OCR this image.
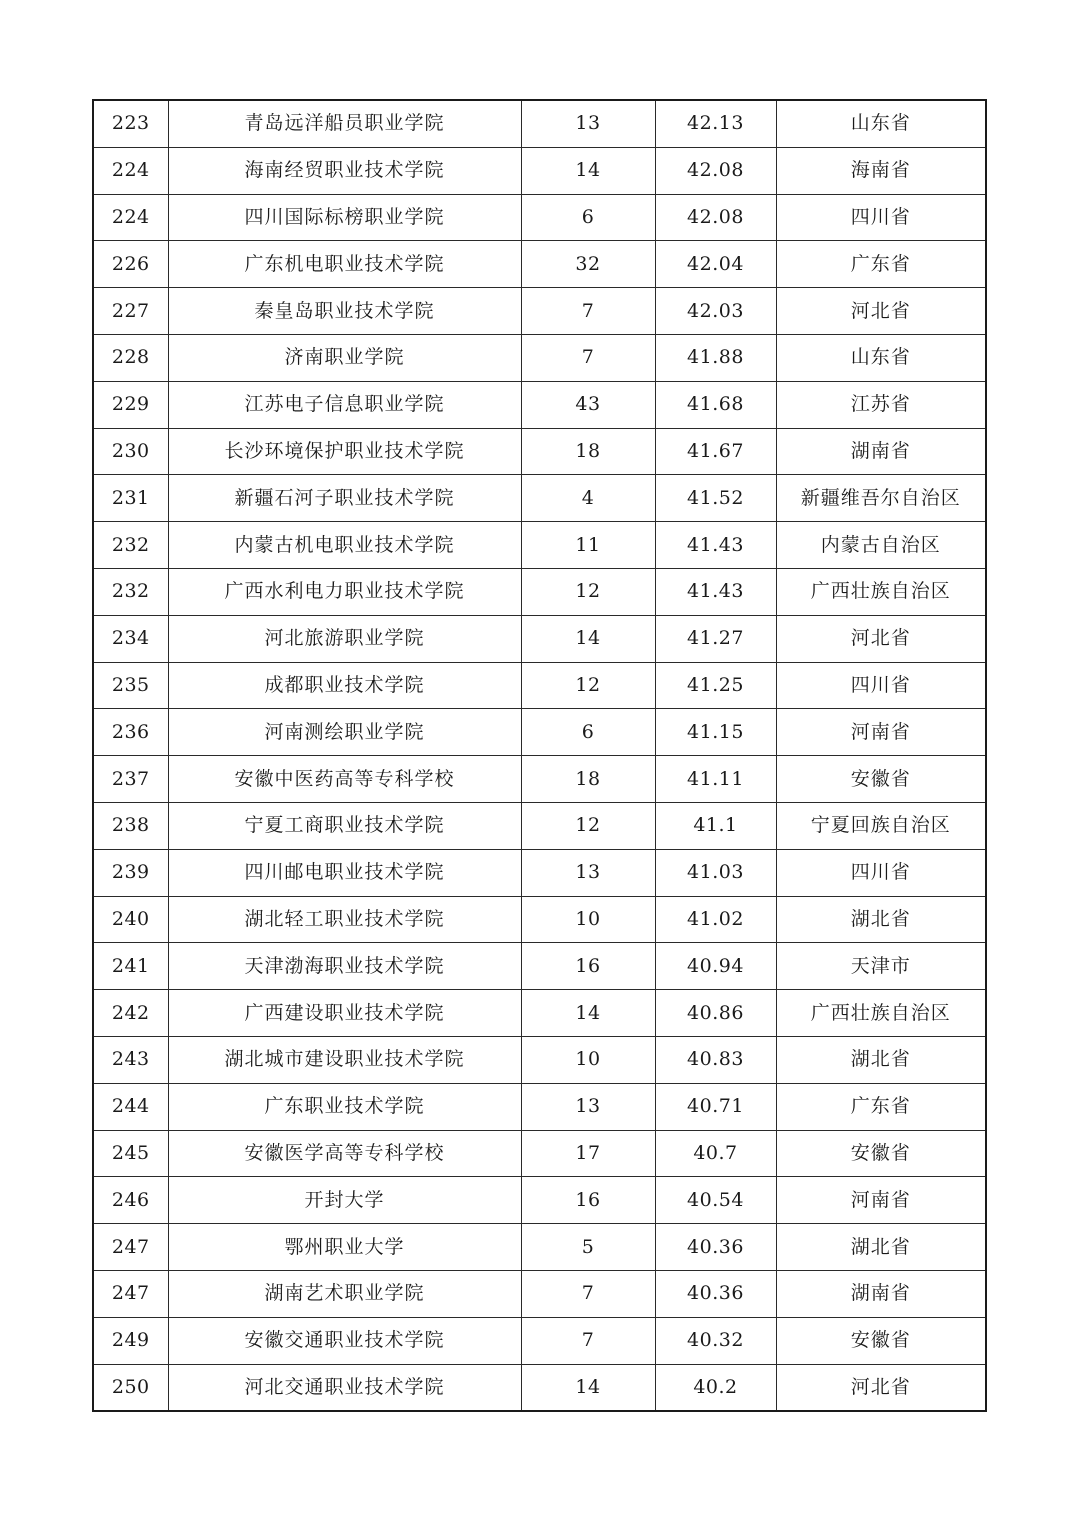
223	青岛远洋船员职业学院	13	42.13	山东省
224	海南经贸职业技术学院	14	42.08	海南省
224	四川国际标榜职业学院	6	42.08	四川省
226	广东机电职业技术学院	32	42.04	广东省
227	秦皇岛职业技术学院	7	42.03	河北省
228	济南职业学院	7	41.88	山东省
229	江苏电子信息职业学院	43	41.68	江苏省
230	长沙环境保护职业技术学院	18	41.67	湖南省
231	新疆石河子职业技术学院	4	41.52	新疆维吾尔自治区
232	内蒙古机电职业技术学院	11	41.43	内蒙古自治区
232	广西水利电力职业技术学院	12	41.43	广西壮族自治区
234	河北旅游职业学院	14	41.27	河北省
235	成都职业技术学院	12	41.25	四川省
236	河南测绘职业学院	6	41.15	河南省
237	安徽中医药高等专科学校	18	41.11	安徽省
238	宁夏工商职业技术学院	12	41.1	宁夏回族自治区
239	四川邮电职业技术学院	13	41.03	四川省
240	湖北轻工职业技术学院	10	41.02	湖北省
241	天津渤海职业技术学院	16	40.94	天津市
242	广西建设职业技术学院	14	40.86	广西壮族自治区
243	湖北城市建设职业技术学院	10	40.83	湖北省
244	广东职业技术学院	13	40.71	广东省
245	安徽医学高等专科学校	17	40.7	安徽省
246	开封大学	16	40.54	河南省
247	鄂州职业大学	5	40.36	湖北省
247	湖南艺术职业学院	7	40.36	湖南省
249	安徽交通职业技术学院	7	40.32	安徽省
250	河北交通职业技术学院	14	40.2	河北省
